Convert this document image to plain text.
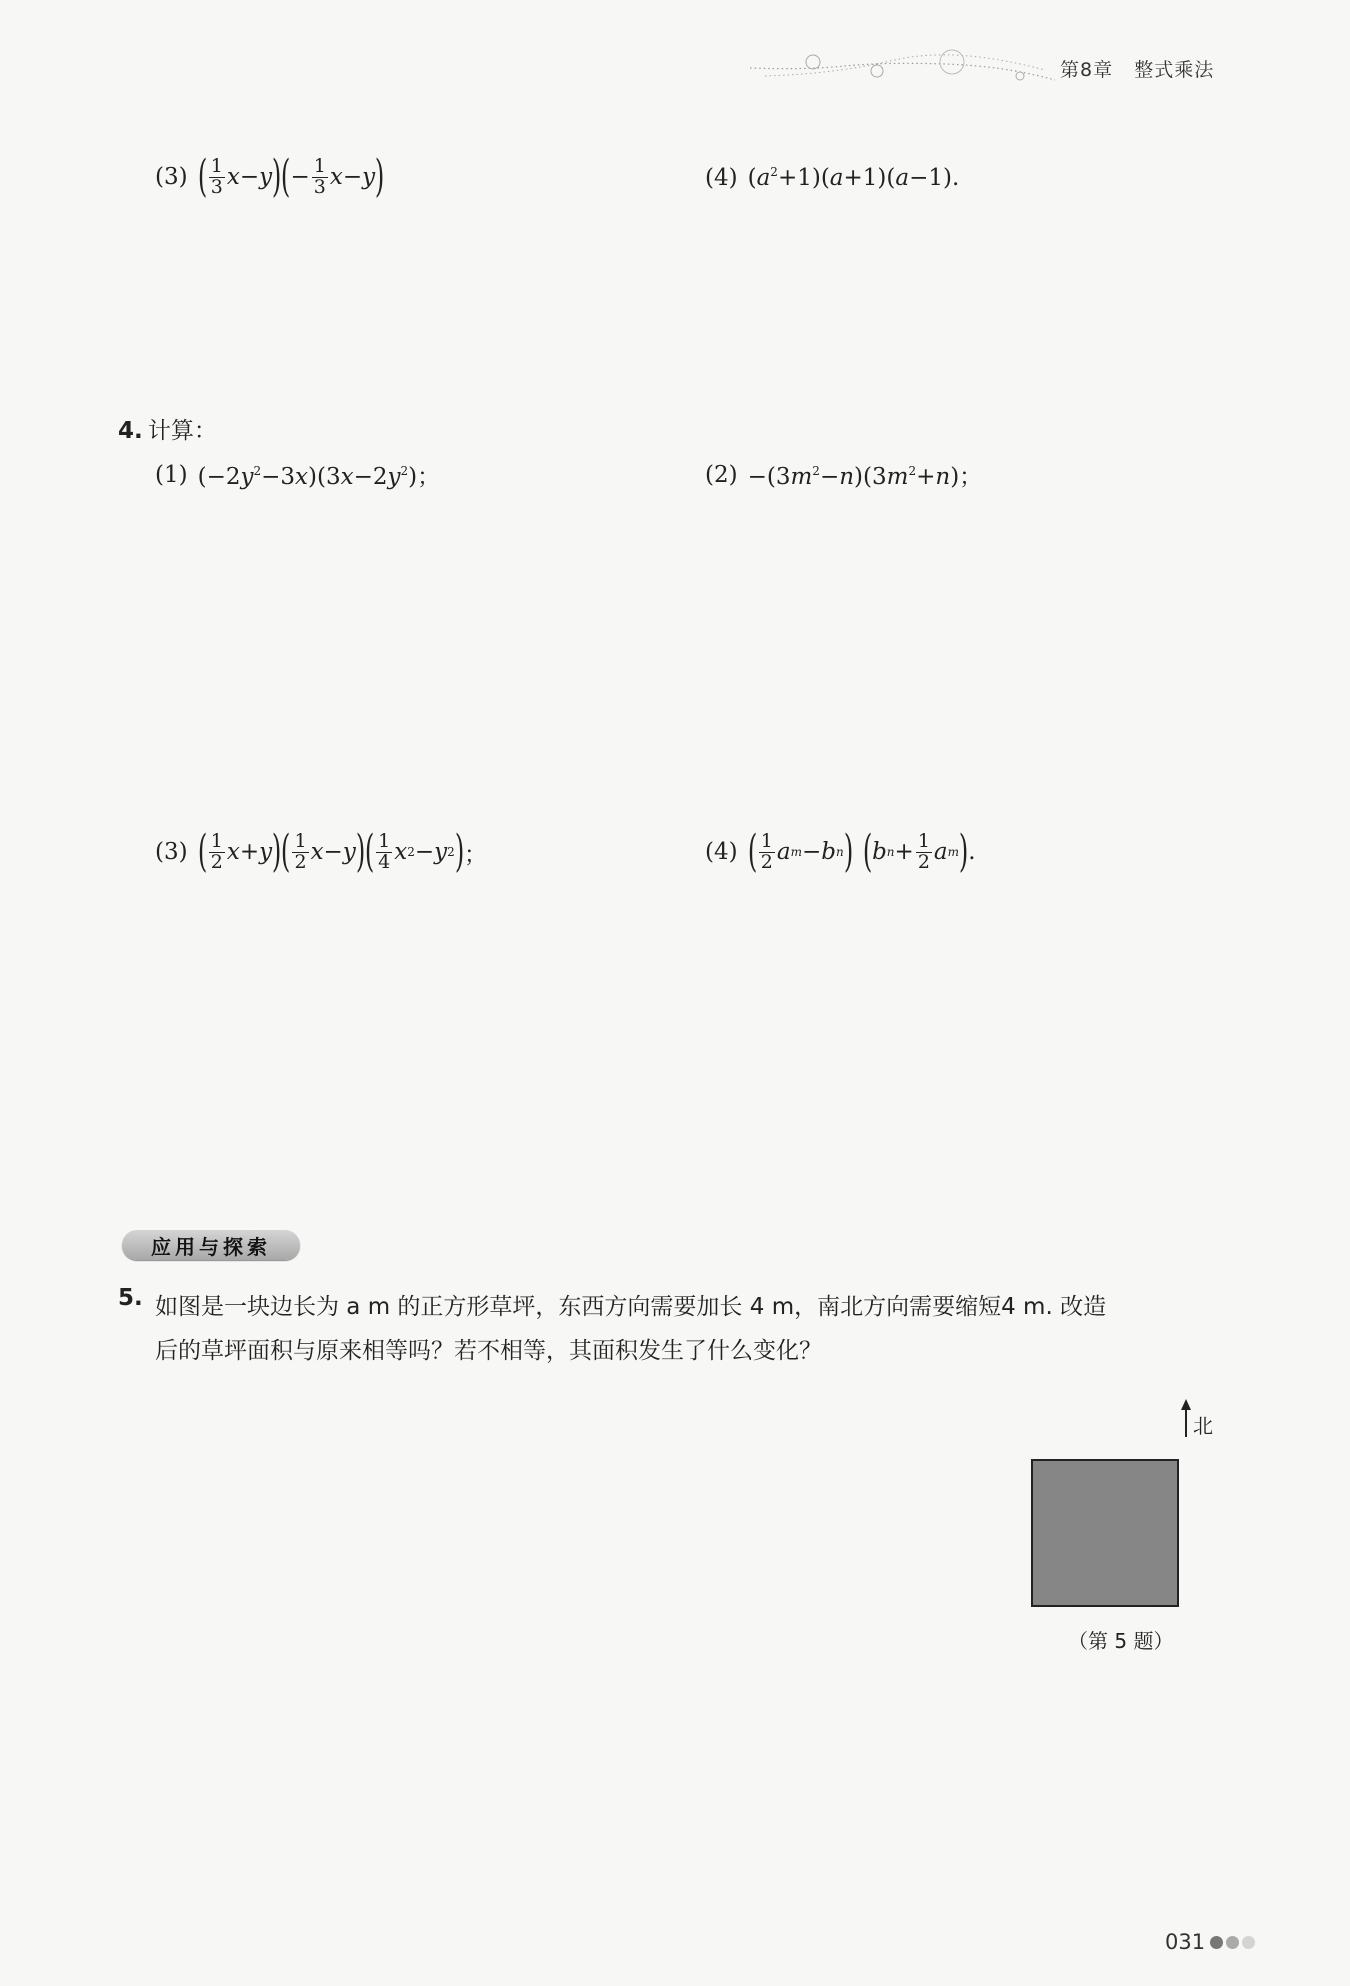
第8章 整式乘法
(3) ( $\frac{1}{3}$ x − y ) ( − $\frac{1}{3}$ x − y )	(4) $(a^2+1)(a+1)(a-1)$.
4. 计算：
(1) $(-2y^2-3x)(3x-2y^2)$；	$(2) -(3m^2-n)(3m^2+n)$；
(3) ( $\frac{1}{2}$ x + y ) ( $\frac{1}{2}$ x − y ) ( $\frac{1}{4}$ x 2 − y 2 ) ；	(4) ( $\frac{1}{2}$ a m − b n ) ( b $n + \frac{1}{2}$ a m ) .
应用与探索
5. 如图是一块边长为 a m 的正方形草坪，东西方向需要加长 4 m，南北方向需要缩短4 m. 改造
后的草坪面积与原来相等吗？若不相等，其面积发生了什么变化？
北
（第 5 题）
031
